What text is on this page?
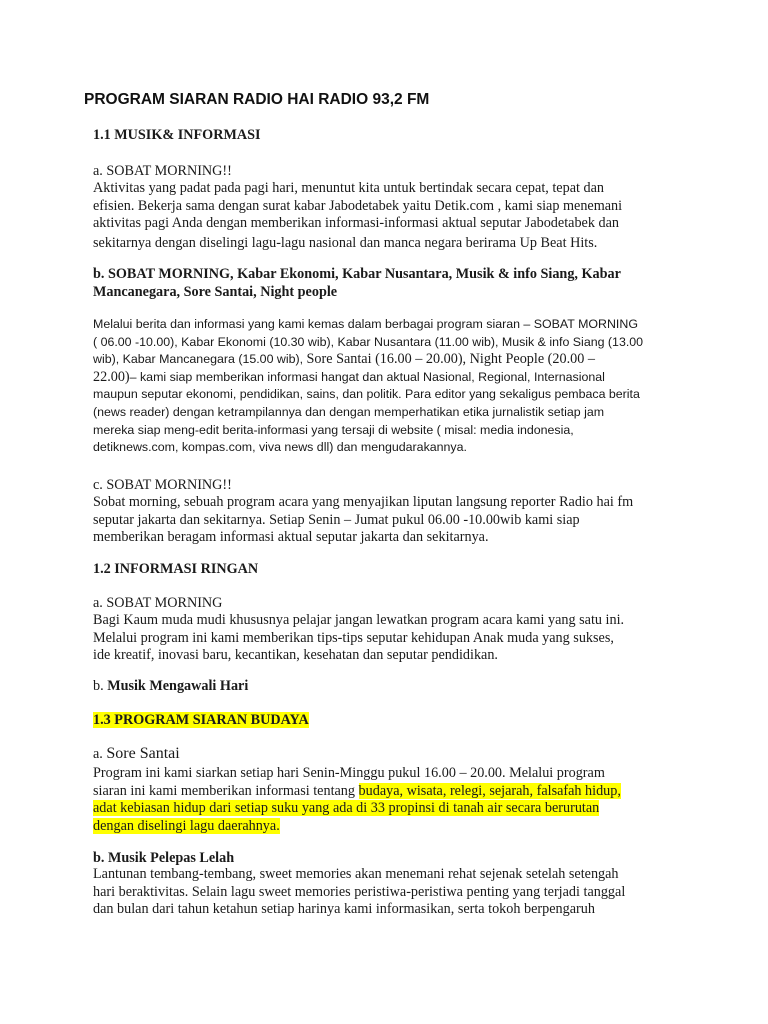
PROGRAM SIARAN RADIO HAI RADIO 93,2 FM
1.1 MUSIK& INFORMASI
a. SOBAT MORNING!!
Aktivitas yang padat pada pagi hari, menuntut kita untuk bertindak secara cepat, tepat dan
efisien. Bekerja sama dengan surat kabar Jabodetabek yaitu Detik.com , kami siap menemani
aktivitas pagi Anda dengan memberikan informasi-informasi aktual seputar Jabodetabek dan
sekitarnya dengan diselingi lagu-lagu nasional dan manca negara berirama Up Beat Hits.
b. SOBAT MORNING, Kabar Ekonomi, Kabar Nusantara, Musik & info Siang, Kabar
Mancanegara, Sore Santai, Night people
Melalui berita dan informasi yang kami kemas dalam berbagai program siaran – SOBAT MORNING
( 06.00 -10.00), Kabar Ekonomi (10.30 wib), Kabar Nusantara (11.00 wib), Musik & info Siang (13.00
wib), Kabar Mancanegara (15.00 wib), Sore Santai (16.00 – 20.00), Night People (20.00 –
22.00)– kami siap memberikan informasi hangat dan aktual Nasional, Regional, Internasional
maupun seputar ekonomi, pendidikan, sains, dan politik. Para editor yang sekaligus pembaca berita
(news reader) dengan ketrampilannya dan dengan memperhatikan etika jurnalistik setiap jam
mereka siap meng-edit berita-informasi yang tersaji di website ( misal: media indonesia,
detiknews.com, kompas.com, viva news dll) dan mengudarakannya.
c. SOBAT MORNING!!
Sobat morning, sebuah program acara yang menyajikan liputan langsung reporter Radio hai fm
seputar jakarta dan sekitarnya. Setiap Senin – Jumat pukul 06.00 -10.00wib kami siap
memberikan beragam informasi aktual seputar jakarta dan sekitarnya.
1.2 INFORMASI RINGAN
a. SOBAT MORNING
Bagi Kaum muda mudi khususnya pelajar jangan lewatkan program acara kami yang satu ini.
Melalui program ini kami memberikan tips-tips seputar kehidupan Anak muda yang sukses,
ide kreatif, inovasi baru, kecantikan, kesehatan dan seputar pendidikan.
b. Musik Mengawali Hari
1.3 PROGRAM SIARAN BUDAYA
a. Sore Santai
Program ini kami siarkan setiap hari Senin-Minggu pukul 16.00 – 20.00. Melalui program
siaran ini kami memberikan informasi tentang budaya, wisata, relegi, sejarah, falsafah hidup,
adat kebiasan hidup dari setiap suku yang ada di 33 propinsi di tanah air secara berurutan
dengan diselingi lagu daerahnya.
b. Musik Pelepas Lelah
Lantunan tembang-tembang, sweet memories akan menemani rehat sejenak setelah setengah
hari beraktivitas. Selain lagu sweet memories peristiwa-peristiwa penting yang terjadi tanggal
dan bulan dari tahun ketahun setiap harinya kami informasikan, serta tokoh berpengaruh
